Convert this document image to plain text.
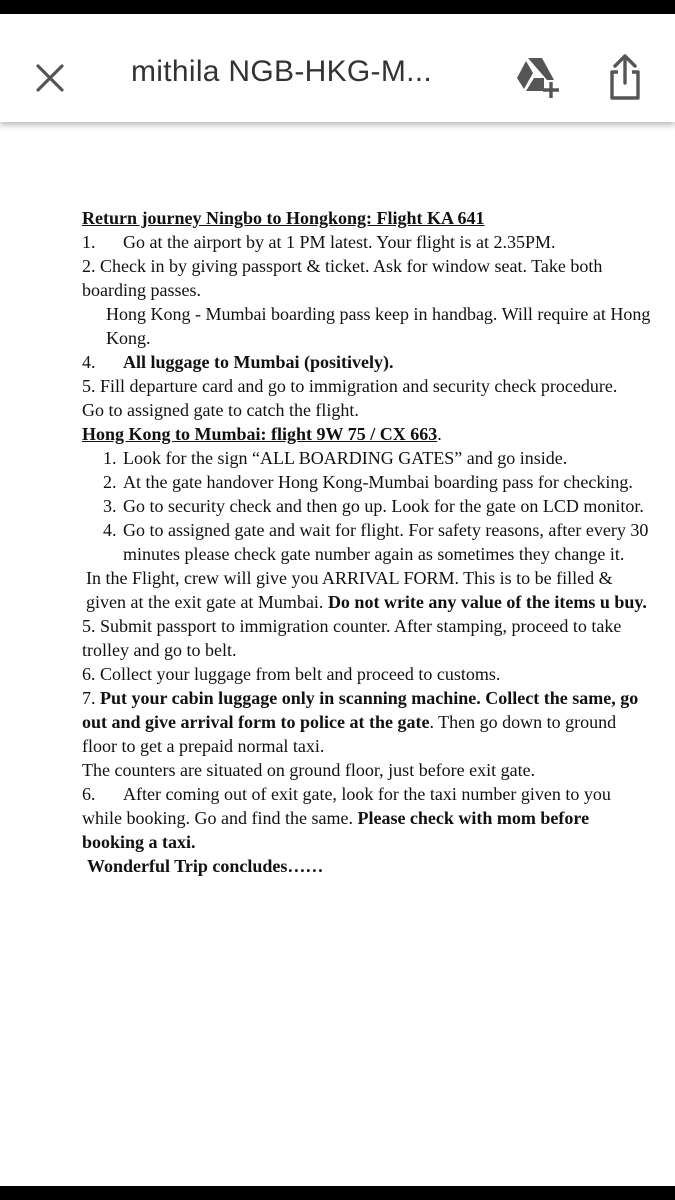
mithila NGB-HKG-M...

Return journey Ningbo to Hongkong: Flight KA 641

1. Go at the airport by at 1 PM latest. Your flight is at 2.35PM.

2. Check in by giving passport & ticket. Ask for window seat. Take both boarding passes.

Hong Kong - Mumbai boarding pass keep in handbag. Will require at Hong Kong.

4. All luggage to Mumbai (positively).

5. Fill departure card and go to immigration and security check procedure.

Go to assigned gate to catch the flight.

Hong Kong to Mumbai: flight 9W 75 / CX 663.

1. Look for the sign “ALL BOARDING GATES” and go inside.
2. At the gate handover Hong Kong-Mumbai boarding pass for checking.
3. Go to security check and then go up. Look for the gate on LCD monitor.
4. Go to assigned gate and wait for flight. For safety reasons, after every 30 minutes please check gate number again as sometimes they change it.

In the Flight, crew will give you ARRIVAL FORM. This is to be filled & given at the exit gate at Mumbai. Do not write any value of the items u buy.

5. Submit passport to immigration counter. After stamping, proceed to take trolley and go to belt.

6. Collect your luggage from belt and proceed to customs.

7. Put your cabin luggage only in scanning machine. Collect the same, go out and give arrival form to police at the gate. Then go down to ground floor to get a prepaid normal taxi.

The counters are situated on ground floor, just before exit gate.

6. After coming out of exit gate, look for the taxi number given to you while booking. Go and find the same. Please check with mom before booking a taxi.

Wonderful Trip concludes……
